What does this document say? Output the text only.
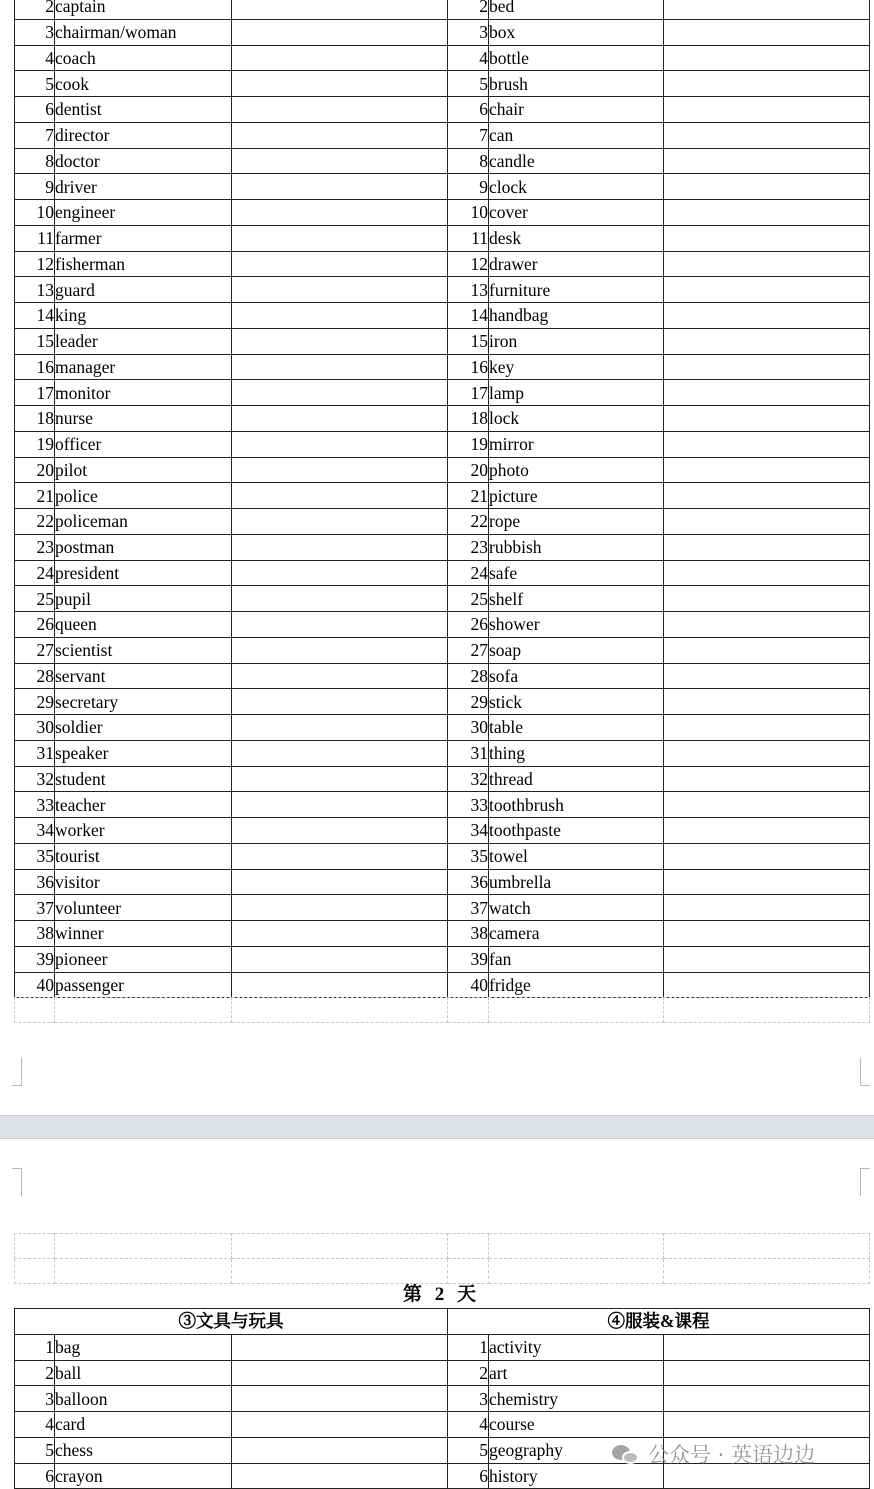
2	captain		2	bed	
3	chairman/woman		3	box	
4	coach		4	bottle	
5	cook		5	brush	
6	dentist		6	chair	
7	director		7	can	
8	doctor		8	candle	
9	driver		9	clock	
10	engineer		10	cover	
11	farmer		11	desk	
12	fisherman		12	drawer	
13	guard		13	furniture	
14	king		14	handbag	
15	leader		15	iron	
16	manager		16	key	
17	monitor		17	lamp	
18	nurse		18	lock	
19	officer		19	mirror	
20	pilot		20	photo	
21	police		21	picture	
22	policeman		22	rope	
23	postman		23	rubbish	
24	president		24	safe	
25	pupil		25	shelf	
26	queen		26	shower	
27	scientist		27	soap	
28	servant		28	sofa	
29	secretary		29	stick	
30	soldier		30	table	
31	speaker		31	thing	
32	student		32	thread	
33	teacher		33	toothbrush	
34	worker		34	toothpaste	
35	tourist		35	towel	
36	visitor		36	umbrella	
37	volunteer		37	watch	
38	winner		38	camera	
39	pioneer		39	fan	
40	passenger		40	fridge	

第 2 天
③文具与玩具			④服装&课程		
1	bag		1	activity	
2	ball		2	art	
3	balloon		3	chemistry	
4	card		4	course	
5	chess		5	geography	
6	crayon		6	history	
公众号 · 英语边边
